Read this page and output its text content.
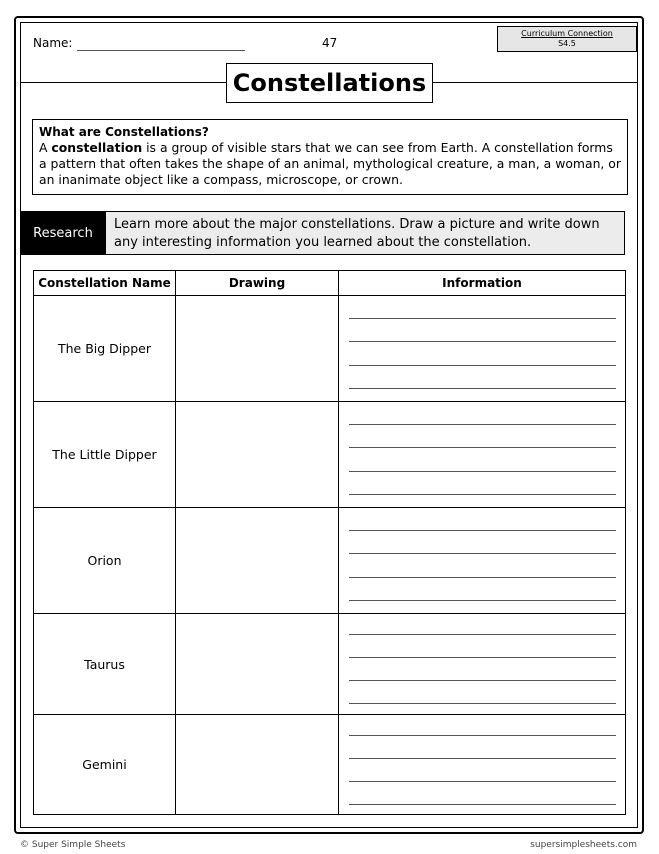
Name:	47
Curriculum Connection
S4.5
Constellations
What are Constellations?
A constellation is a group of visible stars that we can see from Earth. A constellation forms a pattern that often takes the shape of an animal, mythological creature, a man, a woman, or an inanimate object like a compass, microscope, or crown.
Research
Learn more about the major constellations. Draw a picture and write down any interesting information you learned about the constellation.
Constellation Name	Drawing	Information
The Big Dipper		

The Little Dipper		

Orion		

Taurus		

Gemini		
© Super Simple Sheets	supersimplesheets.com
